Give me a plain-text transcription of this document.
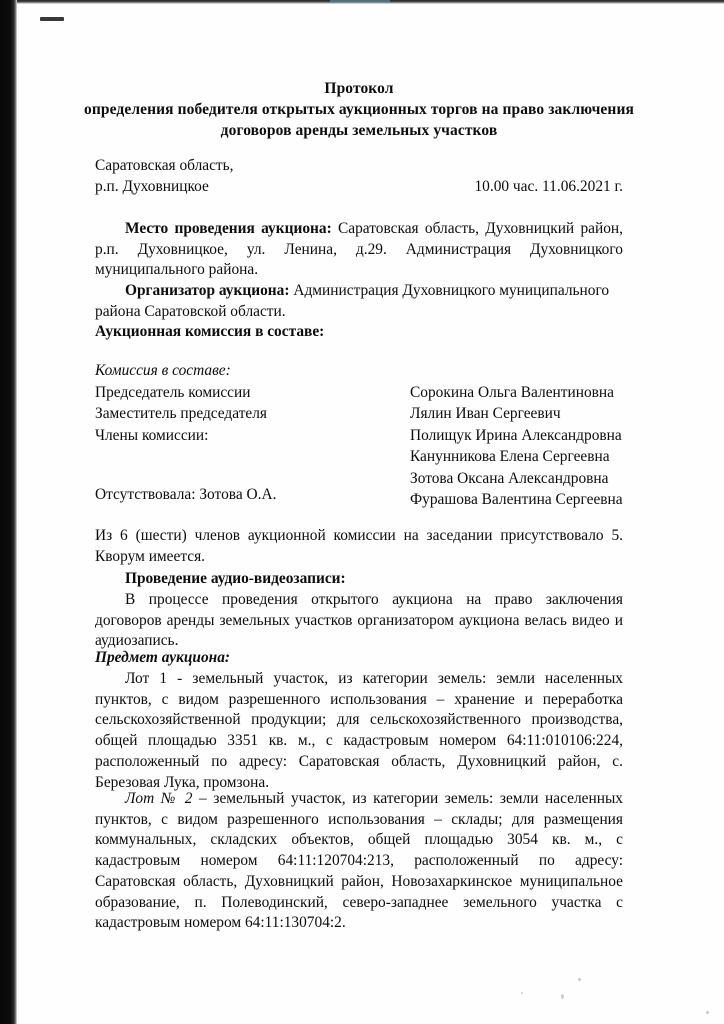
Протокол
определения победителя открытых аукционных торгов на право заключения
договоров аренды земельных участков
Саратовская область,
р.п. Духовницкое	10.00 час. 11.06.2021 г.

Место проведения аукциона: Саратовская область, Духовницкий район, р.п. Духовницкое, ул. Ленина, д.29. Администрация Духовницкого муниципального района.

Организатор аукциона: Администрация Духовницкого муниципального района Саратовской области.

Аукционная комиссия в составе:
Комиссия в составе:
Председатель комиссии
Заместитель председателя
Члены комиссии:
Сорокина Ольга Валентиновна
Лялин Иван Сергеевич
Полищук Ирина Александровна
Канунникова Елена Сергеевна
Зотова Оксана Александровна
Фурашова Валентина Сергеевна
Отсутствовала: Зотова О.А.

Из 6 (шести) членов аукционной комиссии на заседании присутствовало 5. Кворум имеется.

Проведение аудио-видеозаписи:

В процессе проведения открытого аукциона на право заключения договоров аренды земельных участков организатором аукциона велась видео и аудиозапись.

Предмет аукциона:

Лот 1 - земельный участок, из категории земель: земли населенных пунктов, с видом разрешенного использования – хранение и переработка сельскохозяйственной продукции; для сельскохозяйственного производства, общей площадью 3351 кв. м., с кадастровым номером 64:11:010106:224, расположенный по адресу: Саратовская область, Духовницкий район, с. Березовая Лука, промзона.

Лот № 2 – земельный участок, из категории земель: земли населенных пунктов, с видом разрешенного использования – склады; для размещения коммунальных, складских объектов, общей площадью 3054 кв. м., с кадастровым номером 64:11:120704:213, расположенный по адресу: Саратовская область, Духовницкий район, Новозахаркинское муниципальное образование, п. Полеводинский, северо-западнее земельного участка с кадастровым номером 64:11:130704:2.
